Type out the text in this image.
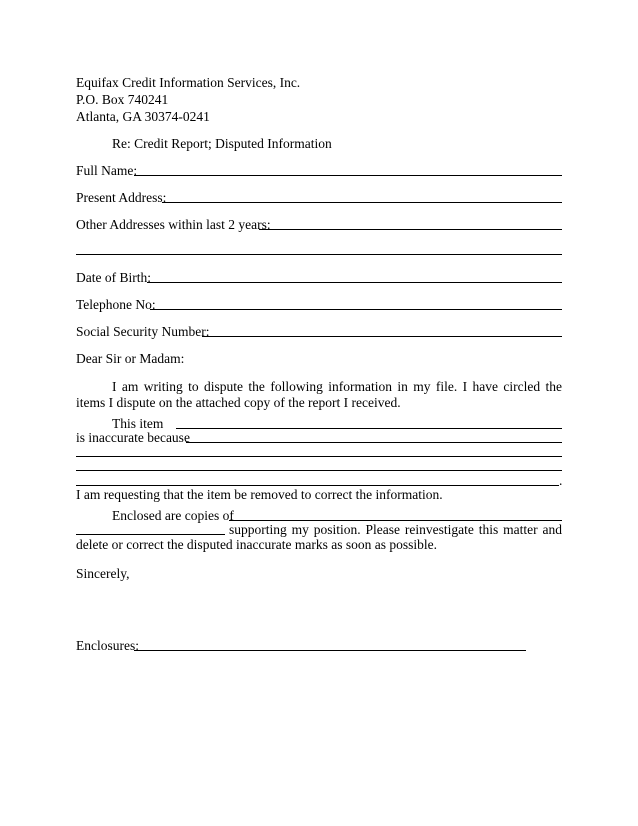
Equifax Credit Information Services, Inc.
P.O. Box 740241
Atlanta, GA 30374-0241
Re: Credit Report; Disputed Information
Full Name:
Present Address:
Other Addresses within last 2 years:
Date of Birth:
Telephone No:
Social Security Number:
Dear Sir or Madam:
I am writing to dispute the following information in my file. I have circled the items I dispute on the attached copy of the report I received.
This item
is inaccurate because
.
I am requesting that the item be removed to correct the information.
Enclosed are copies of
supporting my position. Please reinvestigate this matter and
delete or correct the disputed inaccurate marks as soon as possible.
Sincerely,
Enclosures:
